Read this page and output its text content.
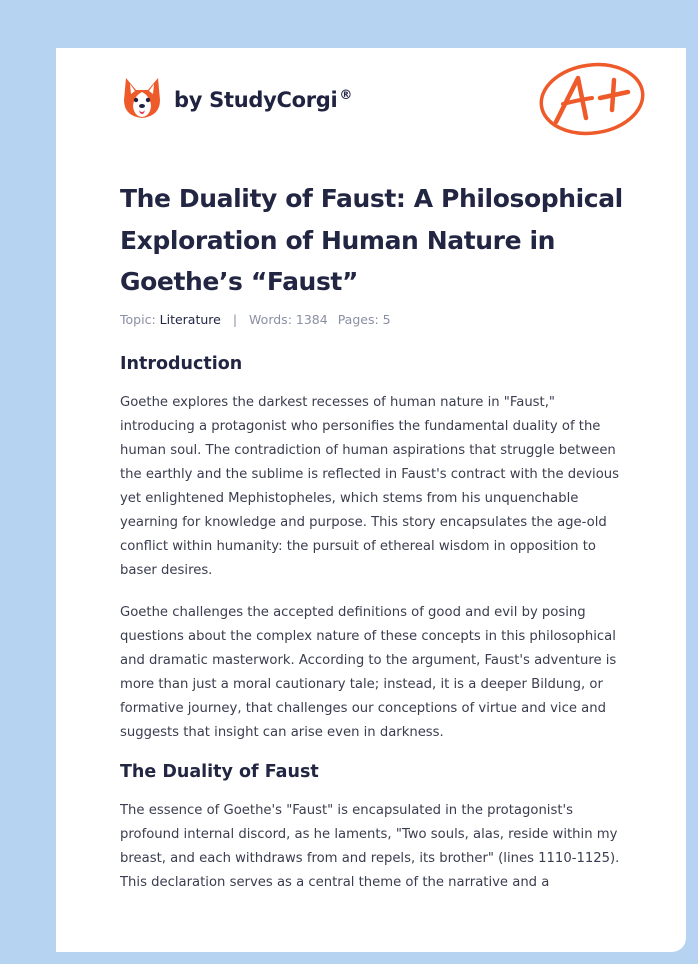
by StudyCorgi ®
The Duality of Faust: A Philosophical Exploration of Human Nature in Goethe’s “Faust”
Topic: Literature | Words: 1384 Pages: 5
Introduction

Goethe explores the darkest recesses of human nature in "Faust," introducing a protagonist who personifies the fundamental duality of the human soul. The contradiction of human aspirations that struggle between the earthly and the sublime is reflected in Faust's contract with the devious yet enlightened Mephistopheles, which stems from his unquenchable yearning for knowledge and purpose. This story encapsulates the age-old conflict within humanity: the pursuit of ethereal wisdom in opposition to baser desires.

Goethe challenges the accepted definitions of good and evil by posing questions about the complex nature of these concepts in this philosophical and dramatic masterwork. According to the argument, Faust's adventure is more than just a moral cautionary tale; instead, it is a deeper Bildung, or formative journey, that challenges our conceptions of virtue and vice and suggests that insight can arise even in darkness.

The Duality of Faust

The essence of Goethe's "Faust" is encapsulated in the protagonist's profound internal discord, as he laments, "Two souls, alas, reside within my breast, and each withdraws from and repels, its brother" (lines 1110-1125). This declaration serves as a central theme of the narrative and a
